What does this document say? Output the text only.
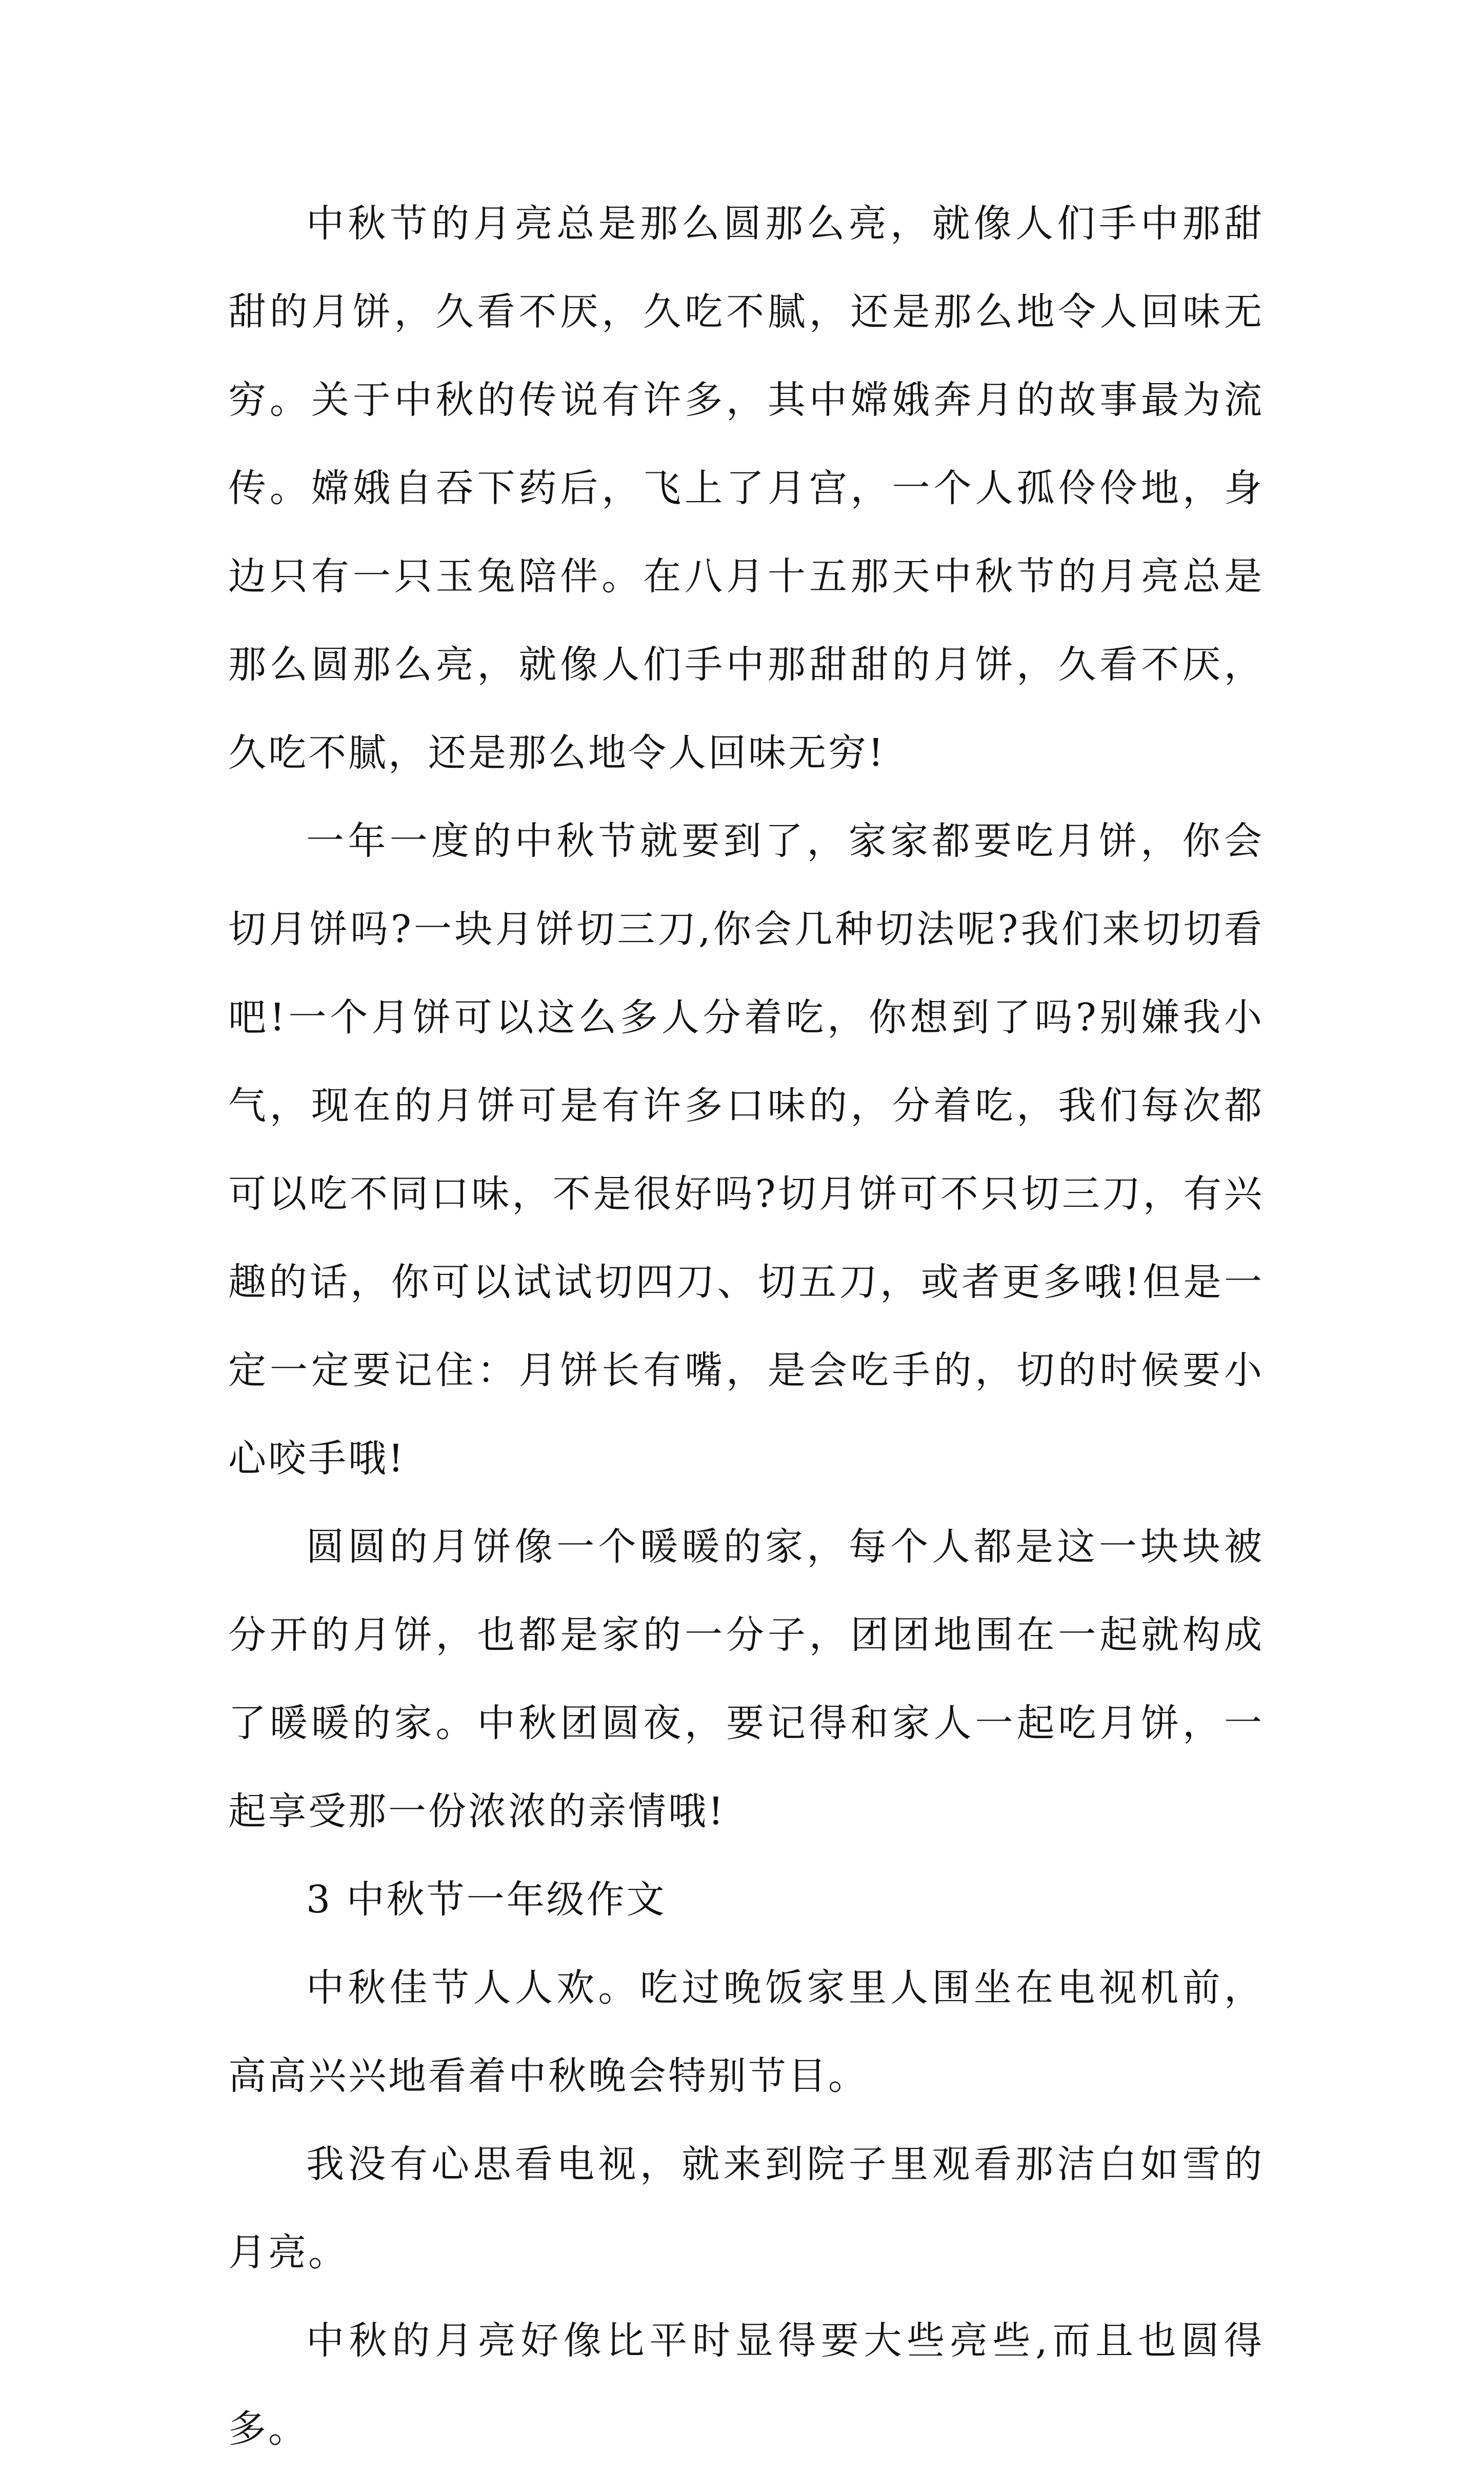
中秋节的月亮总是那么圆那么亮，就像人们手中那甜甜的月饼，久看不厌，久吃不腻，还是那么地令人回味无穷。关于中秋的传说有许多，其中嫦娥奔月的故事最为流传。嫦娥自吞下药后，飞上了月宫，一个人孤伶伶地，身边只有一只玉兔陪伴。在八月十五那天中秋节的月亮总是那么圆那么亮，就像人们手中那甜甜的月饼，久看不厌，久吃不腻，还是那么地令人回味无穷!

一年一度的中秋节就要到了，家家都要吃月饼，你会切月饼吗?一块月饼切三刀,你会几种切法呢?我们来切切看吧!一个月饼可以这么多人分着吃，你想到了吗?别嫌我小气，现在的月饼可是有许多口味的，分着吃，我们每次都可以吃不同口味，不是很好吗?切月饼可不只切三刀，有兴趣的话，你可以试试切四刀、切五刀，或者更多哦!但是一定一定要记住：月饼长有嘴，是会吃手的，切的时候要小心咬手哦!

圆圆的月饼像一个暖暖的家，每个人都是这一块块被分开的月饼，也都是家的一分子，团团地围在一起就构成了暖暖的家。中秋团圆夜，要记得和家人一起吃月饼，一起享受那一份浓浓的亲情哦!

3 中秋节一年级作文

中秋佳节人人欢。吃过晚饭家里人围坐在电视机前，高高兴兴地看着中秋晚会特别节目。

我没有心思看电视，就来到院子里观看那洁白如雪的月亮。

中秋的月亮好像比平时显得要大些亮些,而且也圆得多。
